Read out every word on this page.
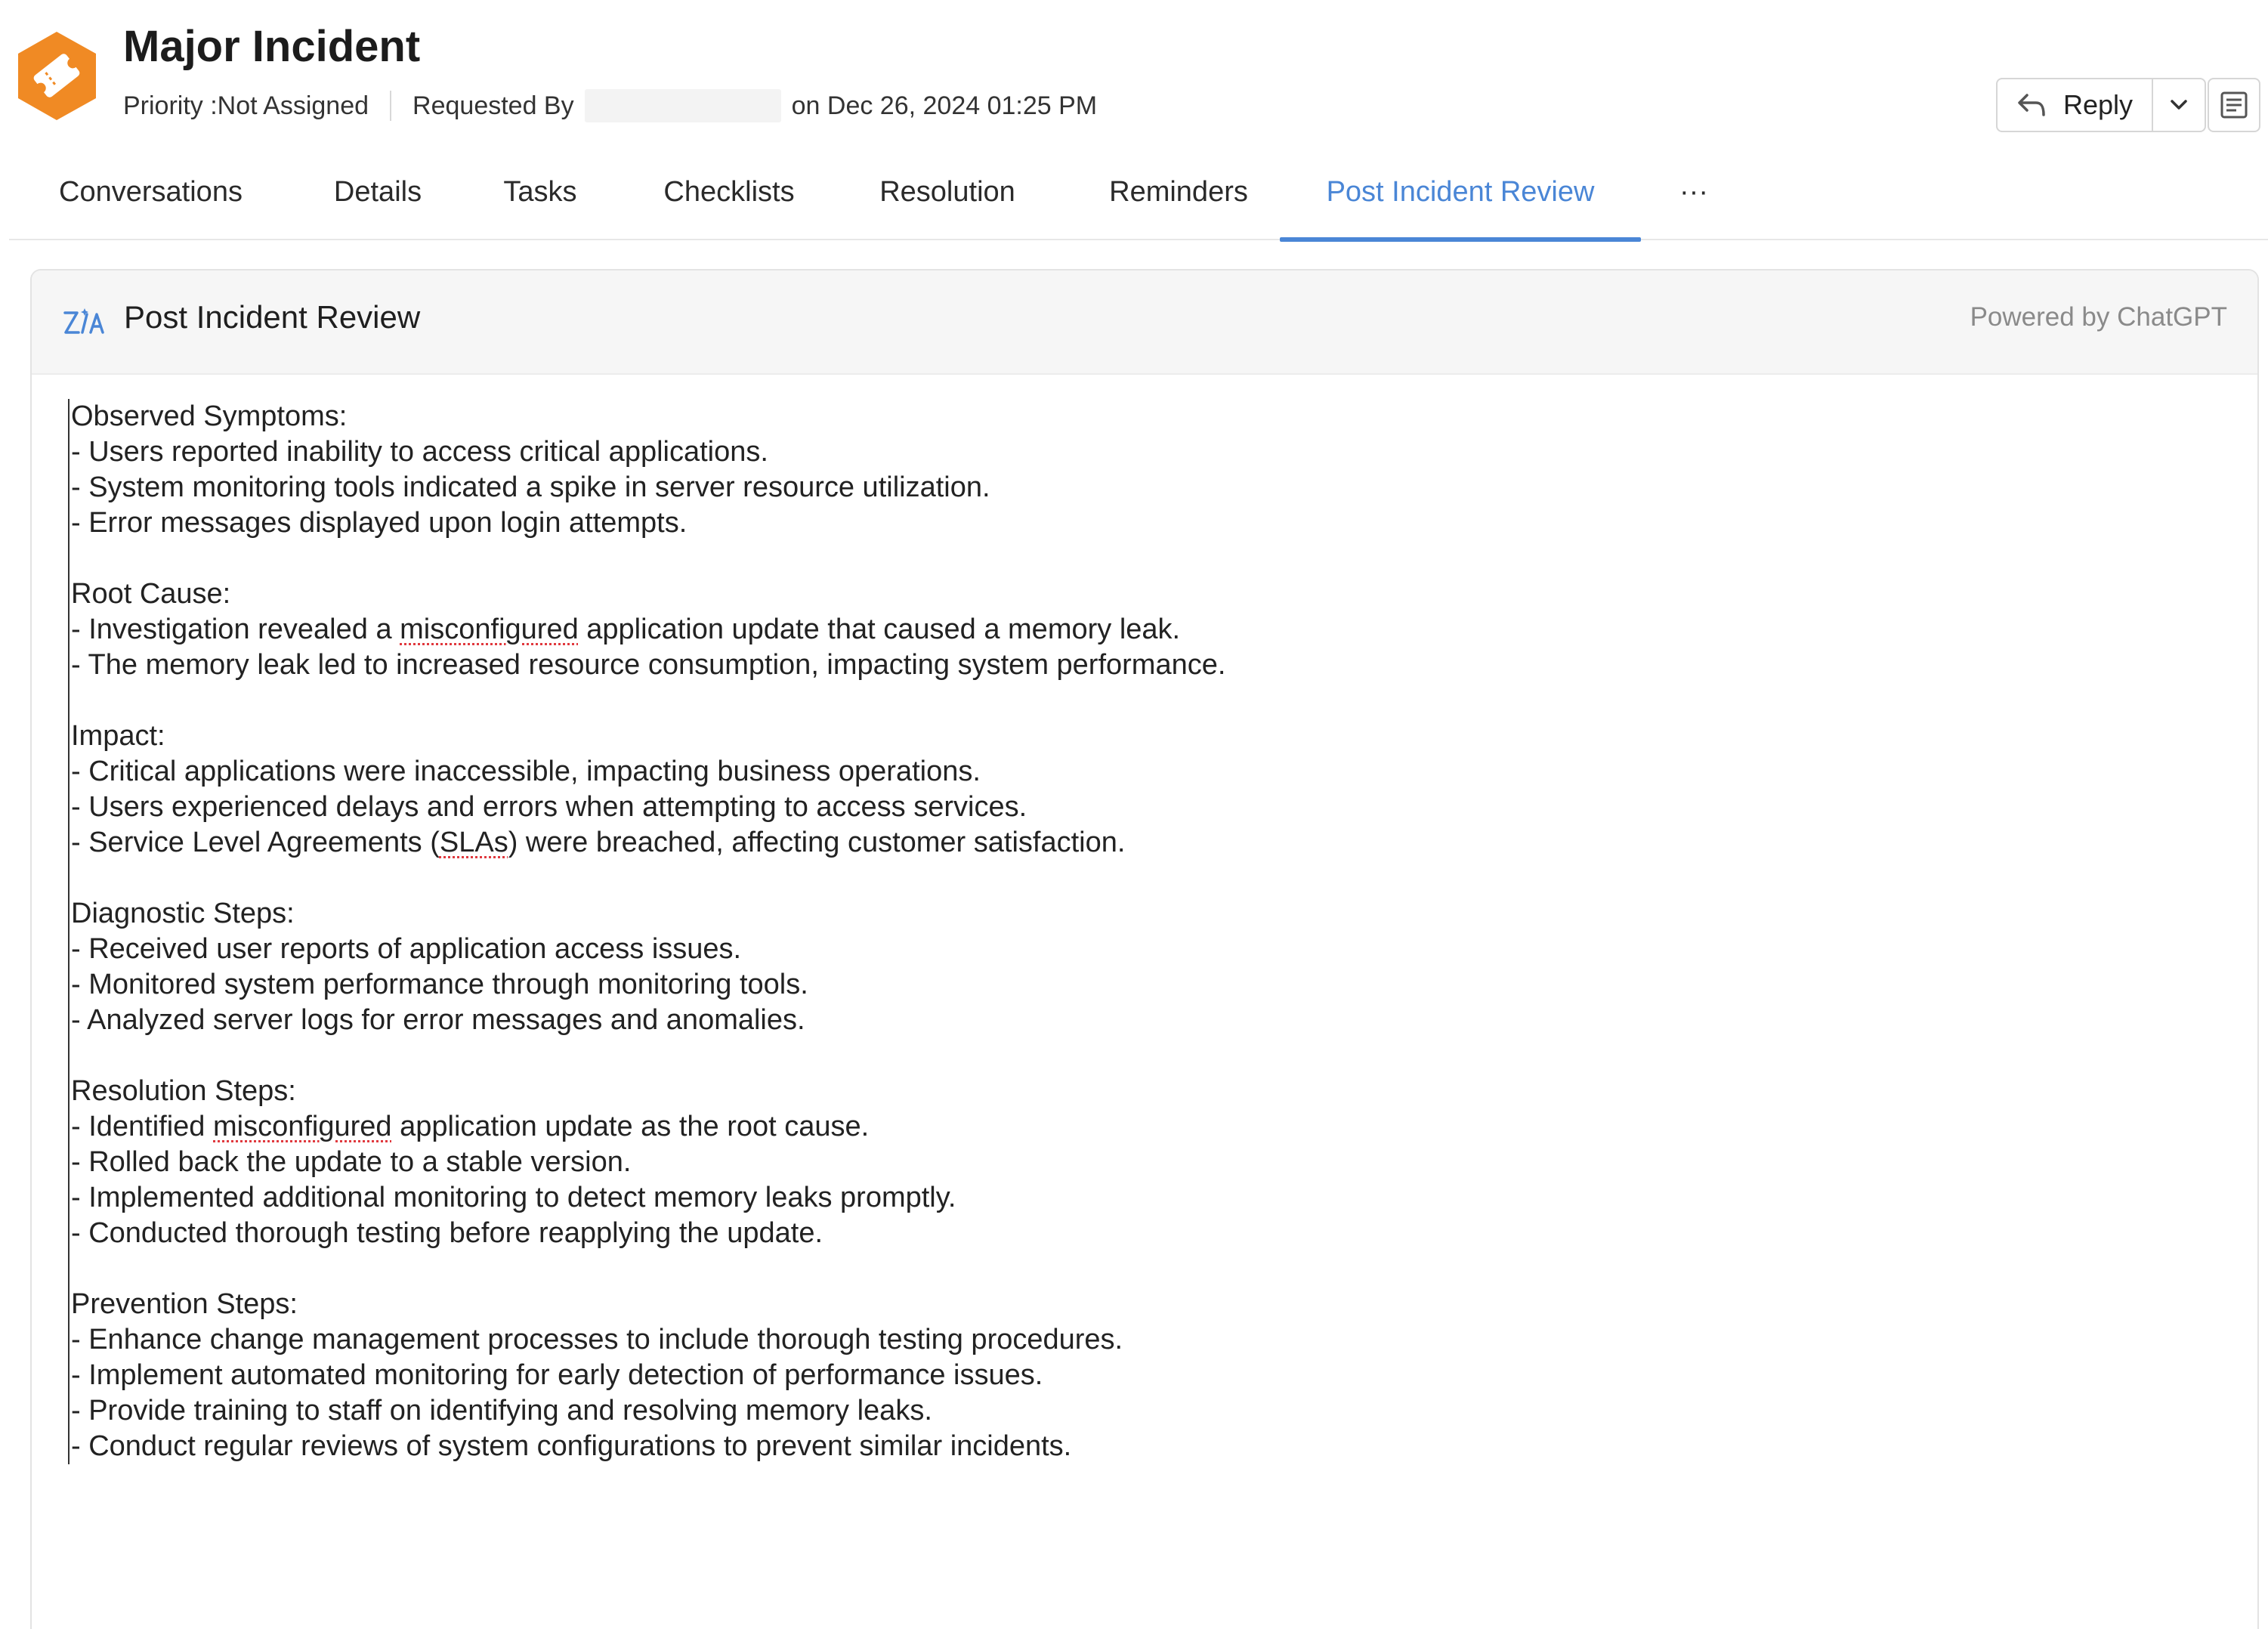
Major Incident
Priority :Not Assigned Requested By	on Dec 26, 2024 01:25 PM	Reply
Conversations	Details	Tasks	Checklists	Resolution	Reminders	Post Incident Review	···
Post Incident Review	Powered by ChatGPT
Observed Symptoms:
- Users reported inability to access critical applications.
- System monitoring tools indicated a spike in server resource utilization.
- Error messages displayed upon login attempts.
Root Cause:
- Investigation revealed a misconfigured application update that caused a memory leak.
- The memory leak led to increased resource consumption, impacting system performance.
Impact:
- Critical applications were inaccessible, impacting business operations.
- Users experienced delays and errors when attempting to access services.
- Service Level Agreements (SLAs) were breached, affecting customer satisfaction.
Diagnostic Steps:
- Received user reports of application access issues.
- Monitored system performance through monitoring tools.
- Analyzed server logs for error messages and anomalies.
Resolution Steps:
- Identified misconfigured application update as the root cause.
- Rolled back the update to a stable version.
- Implemented additional monitoring to detect memory leaks promptly.
- Conducted thorough testing before reapplying the update.
Prevention Steps:
- Enhance change management processes to include thorough testing procedures.
- Implement automated monitoring for early detection of performance issues.
- Provide training to staff on identifying and resolving memory leaks.
- Conduct regular reviews of system configurations to prevent similar incidents.
